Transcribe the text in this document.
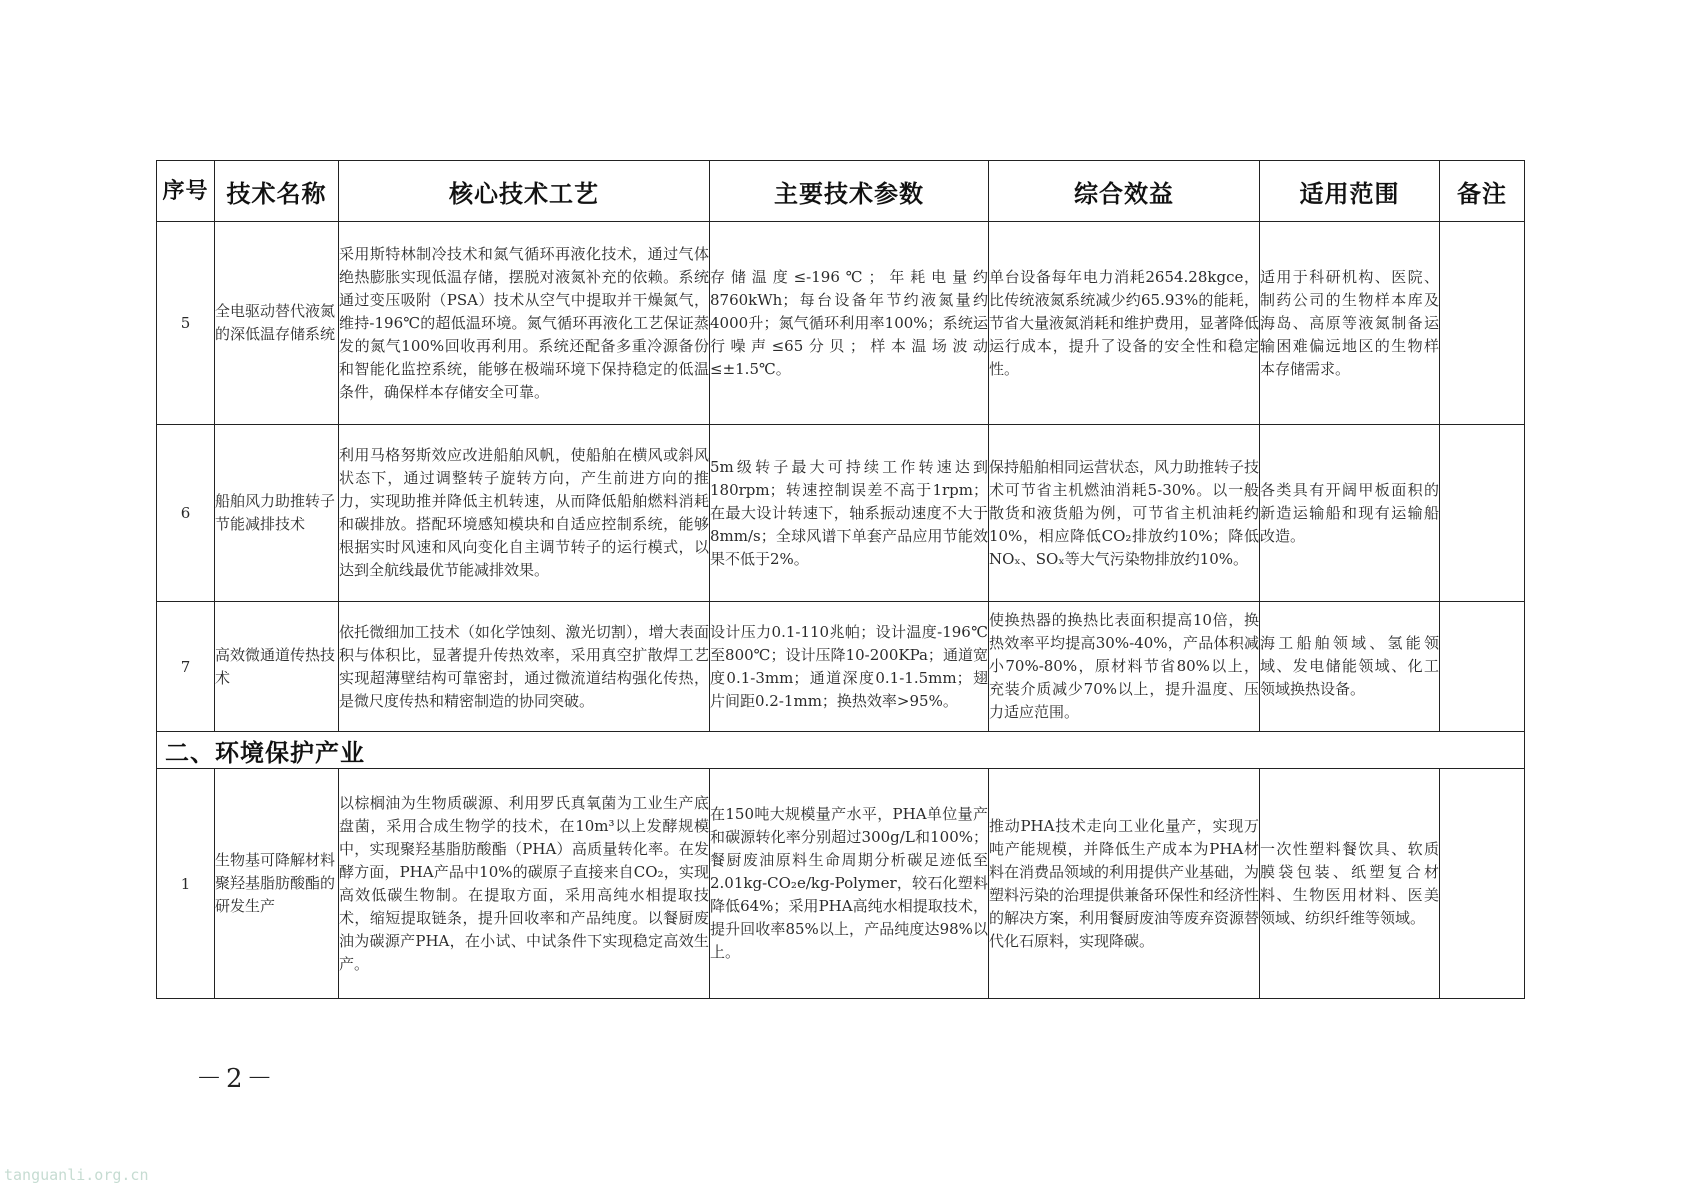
序号	技术名称	核心技术工艺	主要技术参数	综合效益	适用范围	备注
5	全电驱动替代液氮的深低温存储系统	采用斯特林制冷技术和氮气循环再液化技术，通过气体绝热膨胀实现低温存储，摆脱对液氮补充的依赖。系统通过变压吸附（PSA）技术从空气中提取并干燥氮气，维持-196℃的超低温环境。氮气循环再液化工艺保证蒸发的氮气100%回收再利用。系统还配备多重冷源备份和智能化监控系统，能够在极端环境下保持稳定的低温条件，确保样本存储安全可靠。	存储温度≤-196℃；年耗电量约8760kWh；每台设备年节约液氮量约4000升；氮气循环利用率100%；系统运行噪声≤65分贝；样本温场波动≤±1.5℃。	单台设备每年电力消耗2654.28kgce，比传统液氮系统减少约65.93%的能耗，节省大量液氮消耗和维护费用，显著降低运行成本，提升了设备的安全性和稳定性。	适用于科研机构、医院、制药公司的生物样本库及海岛、高原等液氮制备运输困难偏远地区的生物样本存储需求。	
6	船舶风力助推转子节能减排技术	利用马格努斯效应改进船舶风帆，使船舶在横风或斜风状态下，通过调整转子旋转方向，产生前进方向的推力，实现助推并降低主机转速，从而降低船舶燃料消耗和碳排放。搭配环境感知模块和自适应控制系统，能够根据实时风速和风向变化自主调节转子的运行模式，以达到全航线最优节能减排效果。	5m级转子最大可持续工作转速达到180rpm；转速控制误差不高于1rpm；在最大设计转速下，轴系振动速度不大于8mm/s；全球风谱下单套产品应用节能效果不低于2%。	保持船舶相同运营状态，风力助推转子技术可节省主机燃油消耗5-30%。以一般散货和液货船为例，可节省主机油耗约10%，相应降低CO₂排放约10%；降低NOₓ、SOₓ等大气污染物排放约10%。	各类具有开阔甲板面积的新造运输船和现有运输船改造。	
7	高效微通道传热技术	依托微细加工技术（如化学蚀刻、激光切割），增大表面积与体积比，显著提升传热效率，采用真空扩散焊工艺实现超薄壁结构可靠密封，通过微流道结构强化传热，是微尺度传热和精密制造的协同突破。	设计压力0.1-110兆帕；设计温度-196℃至800℃；设计压降10-200KPa；通道宽度0.1-3mm；通道深度0.1-1.5mm；翅片间距0.2-1mm；换热效率>95%。	使换热器的换热比表面积提高10倍，换热效率平均提高30%-40%，产品体积减小70%-80%，原材料节省80%以上，充装介质减少70%以上，提升温度、压力适应范围。	海工船舶领域、氢能领域、发电储能领域、化工领域换热设备。	
二、环境保护产业						
1	生物基可降解材料聚羟基脂肪酸酯的研发生产	以棕榈油为生物质碳源、利用罗氏真氧菌为工业生产底盘菌，采用合成生物学的技术，在10m³以上发酵规模中，实现聚羟基脂肪酸酯（PHA）高质量转化率。在发酵方面，PHA产品中10%的碳原子直接来自CO₂，实现高效低碳生物制。在提取方面，采用高纯水相提取技术，缩短提取链条，提升回收率和产品纯度。以餐厨废油为碳源产PHA，在小试、中试条件下实现稳定高效生产。	在150吨大规模量产水平，PHA单位量产和碳源转化率分别超过300g/L和100%；餐厨废油原料生命周期分析碳足迹低至2.01kg-CO₂e/kg-Polymer，较石化塑料降低64%；采用PHA高纯水相提取技术，提升回收率85%以上，产品纯度达98%以上。	推动PHA技术走向工业化量产，实现万吨产能规模，并降低生产成本为PHA材料在消费品领域的利用提供产业基础，为塑料污染的治理提供兼备环保性和经济性的解决方案，利用餐厨废油等废弃资源替代化石原料，实现降碳。	一次性塑料餐饮具、软质膜袋包装、纸塑复合材料、生物医用材料、医美领域、纺织纤维等领域。	
－2－
tanguanli.org.cn
